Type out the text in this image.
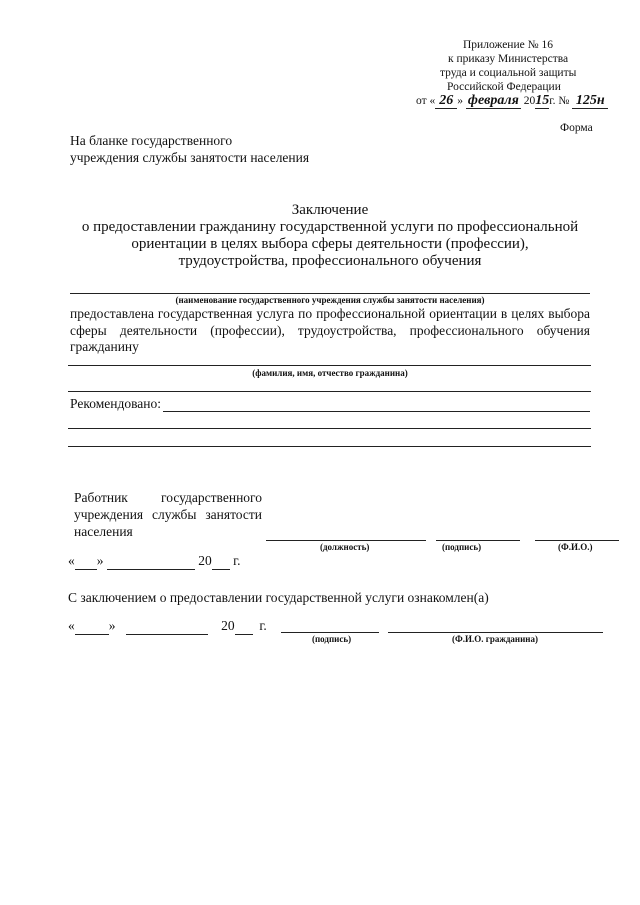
Приложение № 16
к приказу Министерства
труда и социальной защиты
Российской Федерации
от « 26 » февраля 2015г. № 125н
Форма
На бланке государственного
учреждения службы занятости населения
Заключение
о предоставлении гражданину государственной услуги по профессиональной
ориентации в целях выбора сферы деятельности (профессии),
трудоустройства, профессионального обучения
(наименование государственного учреждения службы занятости населения)
предоставлена государственная услуга по профессиональной ориентации в целях выбора
сферы деятельности (профессии), трудоустройства, профессионального обучения гражданину
(фамилия, имя, отчество гражданина)
Рекомендовано:
Работник государственного
учреждения службы занятости
населения
(должность)	(подпись)	(Ф.И.О.)
« »	20 г.
С заключением о предоставлении государственной услуги ознакомлен(а)
«	»	20 г.
(подпись)	(Ф.И.О. гражданина)
